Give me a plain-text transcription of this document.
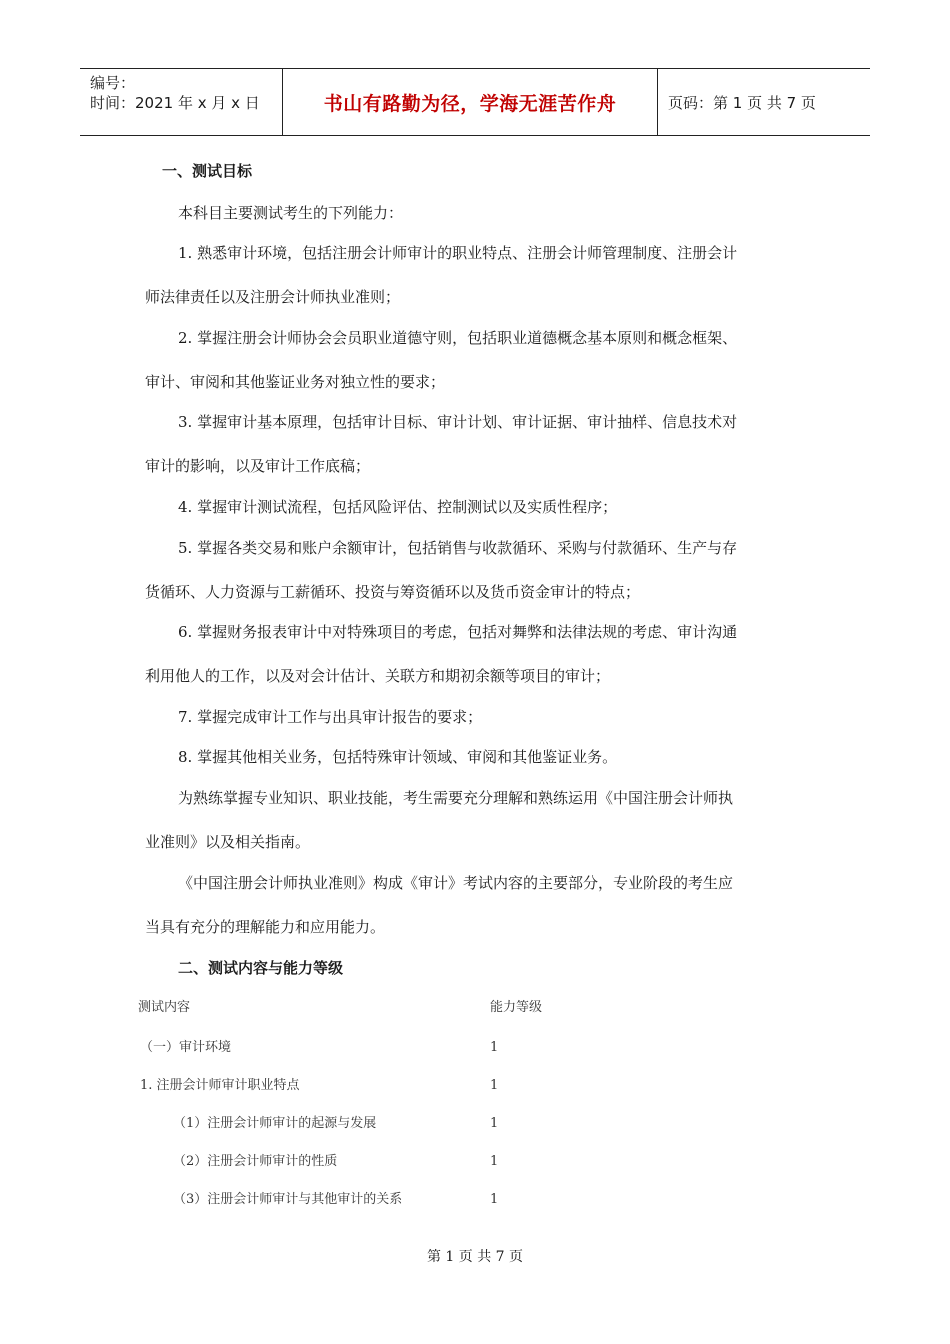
编号：
时间：2021 年 x 月 x 日	书山有路勤为径，学海无涯苦作舟	页码：第 1 页 共 7 页
一、测试目标
本科目主要测试考生的下列能力：
1. 熟悉审计环境，包括注册会计师审计的职业特点、注册会计师管理制度、注册会计
师法律责任以及注册会计师执业准则；
2. 掌握注册会计师协会会员职业道德守则，包括职业道德概念基本原则和概念框架、
审计、审阅和其他鉴证业务对独立性的要求；
3. 掌握审计基本原理，包括审计目标、审计计划、审计证据、审计抽样、信息技术对
审计的影响，以及审计工作底稿；
4. 掌握审计测试流程，包括风险评估、控制测试以及实质性程序；
5. 掌握各类交易和账户余额审计，包括销售与收款循环、采购与付款循环、生产与存
货循环、人力资源与工薪循环、投资与筹资循环以及货币资金审计的特点；
6. 掌握财务报表审计中对特殊项目的考虑，包括对舞弊和法律法规的考虑、审计沟通
利用他人的工作，以及对会计估计、关联方和期初余额等项目的审计；
7. 掌握完成审计工作与出具审计报告的要求；
8. 掌握其他相关业务，包括特殊审计领域、审阅和其他鉴证业务。
为熟练掌握专业知识、职业技能，考生需要充分理解和熟练运用《中国注册会计师执
业准则》以及相关指南。
《中国注册会计师执业准则》构成《审计》考试内容的主要部分，专业阶段的考生应
当具有充分的理解能力和应用能力。
二、测试内容与能力等级
测试内容	能力等级
（一）审计环境	1
1. 注册会计师审计职业特点	1
（1）注册会计师审计的起源与发展	1
（2）注册会计师审计的性质	1
（3）注册会计师审计与其他审计的关系	1
第 1 页 共 7 页
